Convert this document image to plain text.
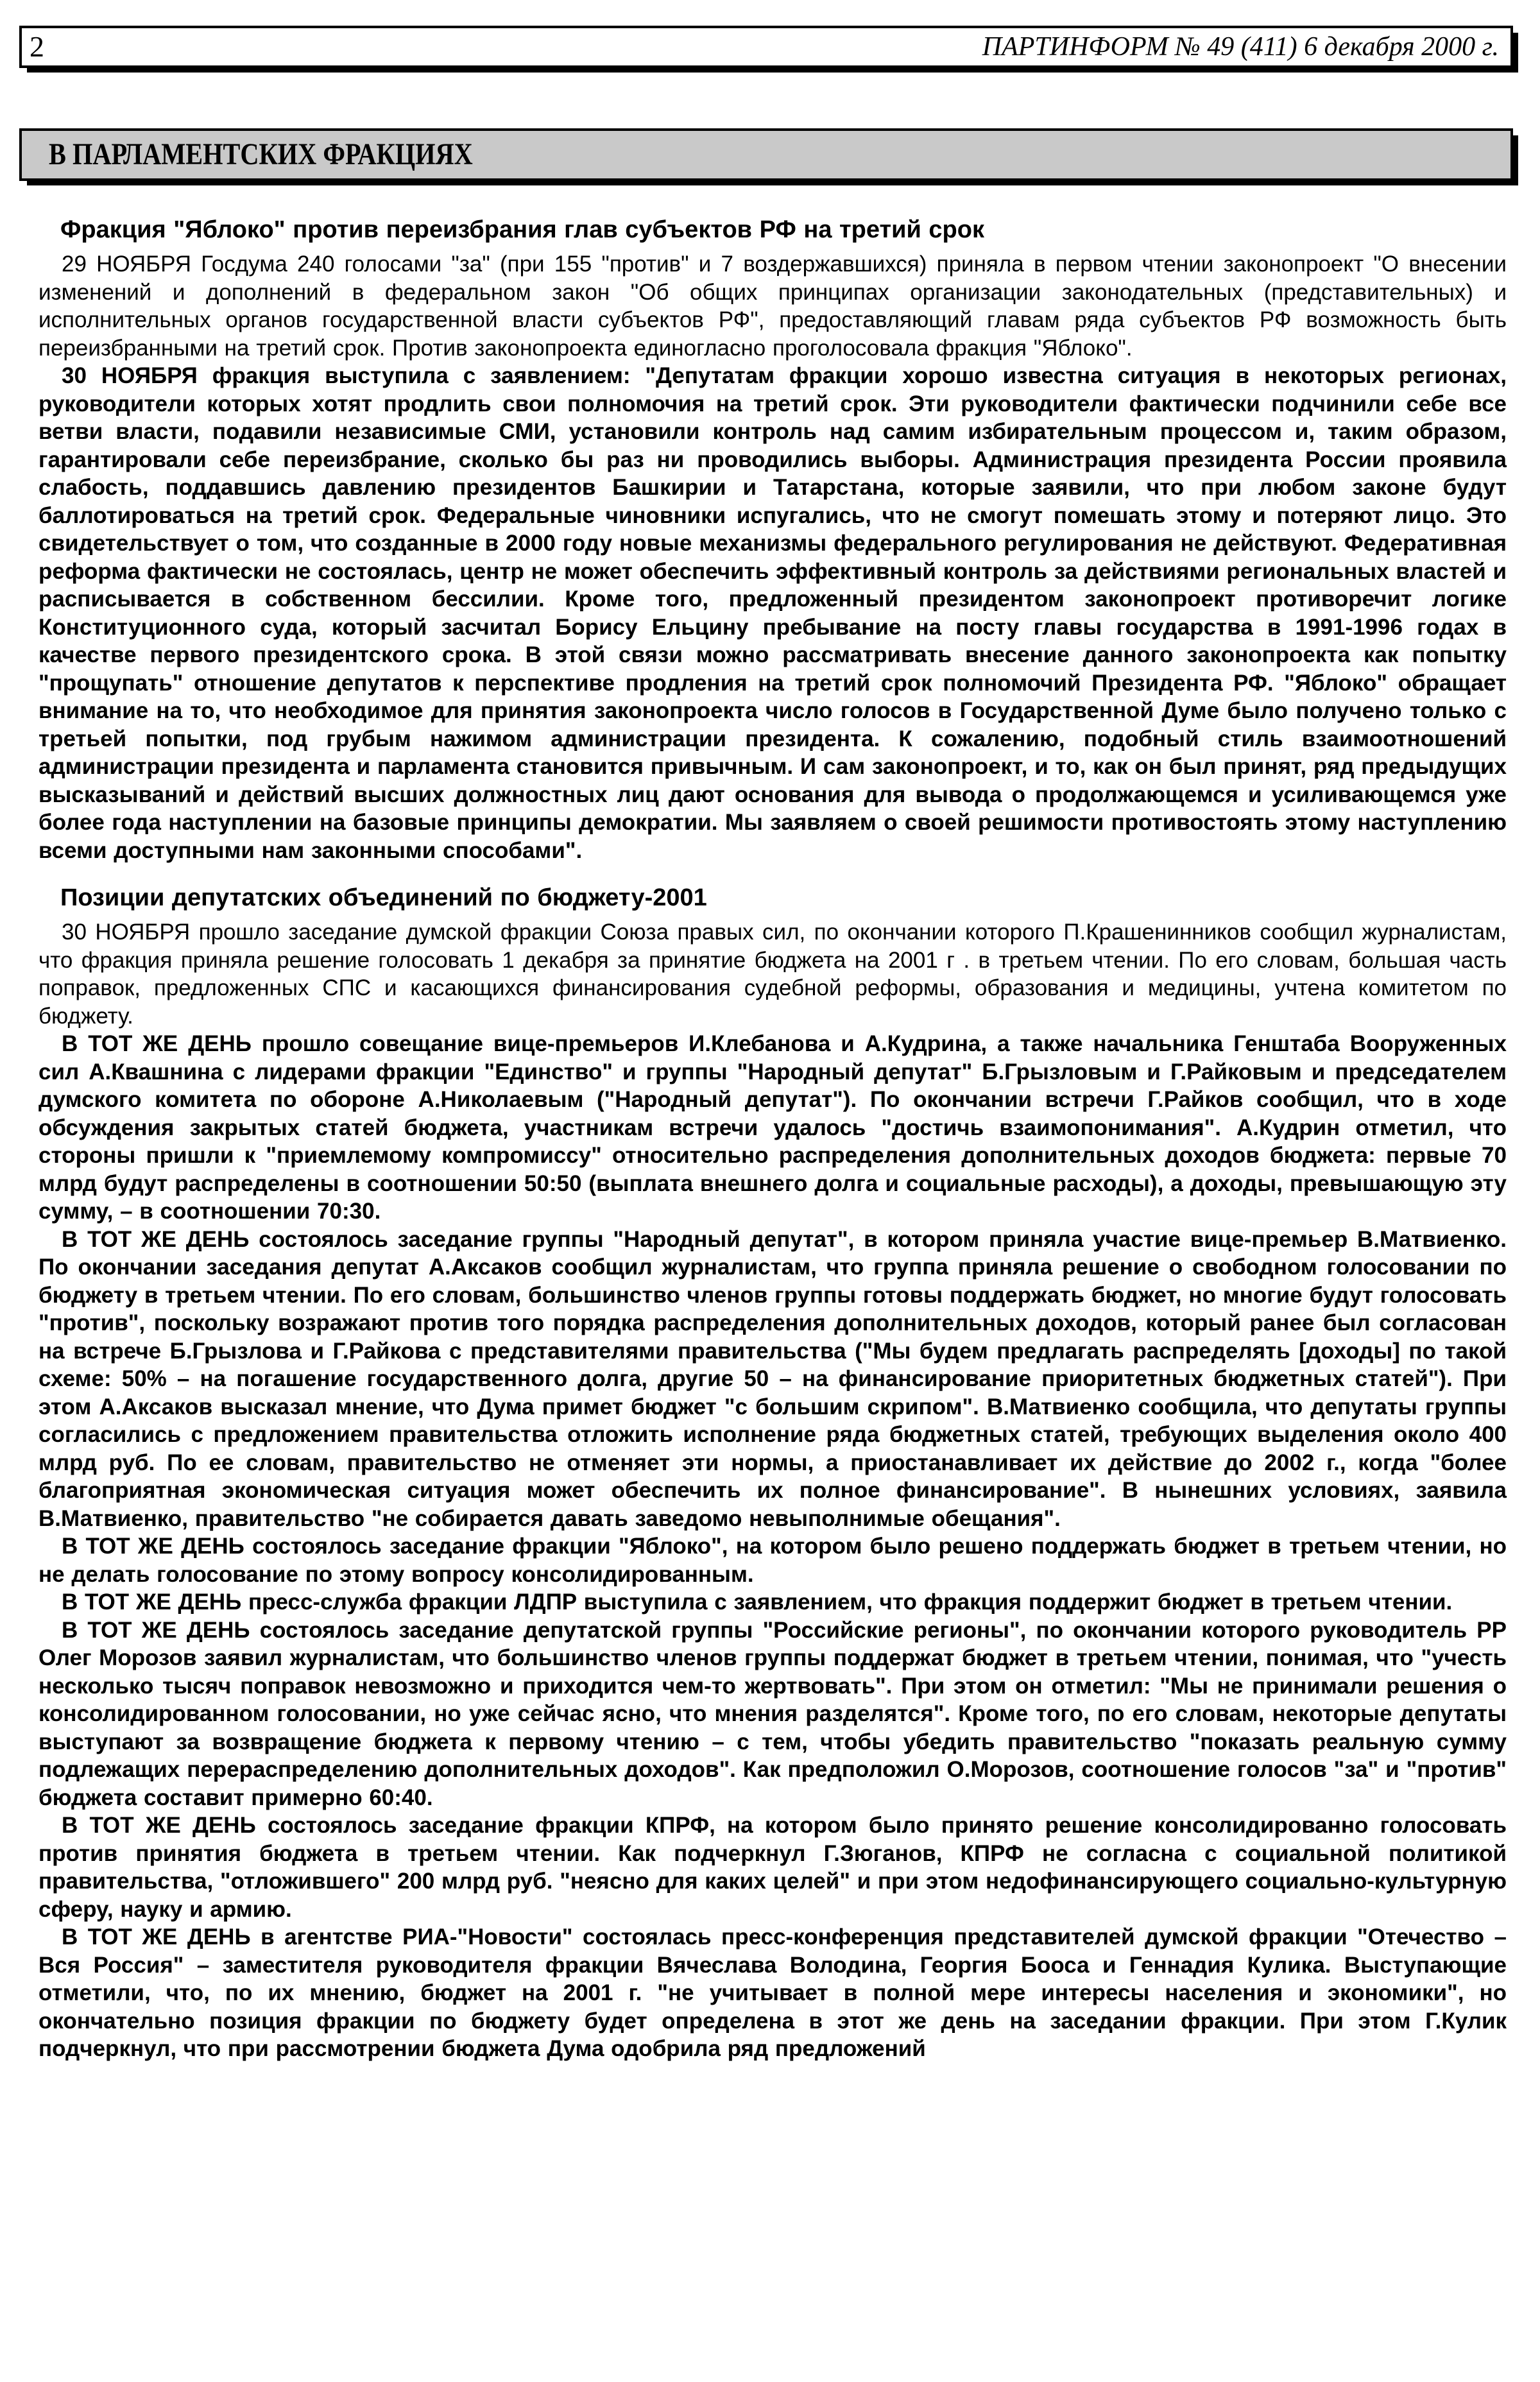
2	ПАРТИНФОРМ № 49 (411) 6 декабря 2000 г.
В ПАРЛАМЕНТСКИХ ФРАКЦИЯХ
Фракция "Яблоко" против переизбрания глав субъектов РФ на третий срок

29 НОЯБРЯ Госдума 240 голосами "за" (при 155 "против" и 7 воздержавшихся) приняла в первом чтении законопроект "О внесении изменений и дополнений в федеральном закон "Об общих принципах организации законодательных (представительных) и исполнительных органов государственной власти субъектов РФ", предоставляющий главам ряда субъектов РФ возможность быть переизбранными на третий срок. Против законопроекта единогласно проголосовала фракция "Яблоко".

30 НОЯБРЯ фракция выступила с заявлением: "Депутатам фракции хорошо известна ситуация в некоторых регионах, руководители которых хотят продлить свои полномочия на третий срок. Эти руководители фактически подчинили себе все ветви власти, подавили независимые СМИ, установили контроль над самим избирательным процессом и, таким образом, гарантировали себе переизбрание, сколько бы раз ни проводились выборы. Администрация президента России проявила слабость, поддавшись давлению президентов Башкирии и Татарстана, которые заявили, что при любом законе будут баллотироваться на третий срок. Федеральные чиновники испугались, что не смогут помешать этому и потеряют лицо. Это свидетельствует о том, что созданные в 2000 году новые механизмы федерального регулирования не действуют. Федеративная реформа фактически не состоялась, центр не может обеспечить эффективный контроль за действиями региональных властей и расписывается в собственном бессилии. Кроме того, предложенный президентом законопроект противоречит логике Конституционного суда, который засчитал Борису Ельцину пребывание на посту главы государства в 1991-1996 годах в качестве первого президентского срока. В этой связи можно рассматривать внесение данного законопроекта как попытку "прощупать" отношение депутатов к перспективе продления на третий срок полномочий Президента РФ. "Яблоко" обращает внимание на то, что необходимое для принятия законопроекта число голосов в Государственной Думе было получено только с третьей попытки, под грубым нажимом администрации президента. К сожалению, подобный стиль взаимоотношений администрации президента и парламента становится привычным. И сам законопроект, и то, как он был принят, ряд предыдущих высказываний и действий высших должностных лиц дают основания для вывода о продолжающемся и усиливающемся уже более года наступлении на базовые принципы демократии. Мы заявляем о своей решимости противостоять этому наступлению всеми доступными нам законными способами".

Позиции депутатских объединений по бюджету-2001

30 НОЯБРЯ прошло заседание думской фракции Союза правых сил, по окончании которого П.Крашенинников сообщил журналистам, что фракция приняла решение голосовать 1 декабря за принятие бюджета на 2001 г . в третьем чтении. По его словам, большая часть поправок, предложенных СПС и касающихся финансирования судебной реформы, образования и медицины, учтена комитетом по бюджету.

В ТОТ ЖЕ ДЕНЬ прошло совещание вице-премьеров И.Клебанова и А.Кудрина, а также начальника Генштаба Вооруженных сил А.Квашнина с лидерами фракции "Единство" и группы "Народный депутат" Б.Грызловым и Г.Райковым и председателем думского комитета по обороне А.Николаевым ("Народный депутат"). По окончании встречи Г.Райков сообщил, что в ходе обсуждения закрытых статей бюджета, участникам встречи удалось "достичь взаимопонимания". А.Кудрин отметил, что стороны пришли к "приемлемому компромиссу" относительно распределения дополнительных доходов бюджета: первые 70 млрд будут распределены в соотношении 50:50 (выплата внешнего долга и социальные расходы), а доходы, превышающую эту сумму, – в соотношении 70:30.

В ТОТ ЖЕ ДЕНЬ состоялось заседание группы "Народный депутат", в котором приняла участие вице-премьер В.Матвиенко. По окончании заседания депутат А.Аксаков сообщил журналистам, что группа приняла решение о свободном голосовании по бюджету в третьем чтении. По его словам, большинство членов группы готовы поддержать бюджет, но многие будут голосовать "против", поскольку возражают против того порядка распределения дополнительных доходов, который ранее был согласован на встрече Б.Грызлова и Г.Райкова с представителями правительства ("Мы будем предлагать распределять [доходы] по такой схеме: 50% – на погашение государственного долга, другие 50 – на финансирование приоритетных бюджетных статей"). При этом А.Аксаков высказал мнение, что Дума примет бюджет "с большим скрипом". В.Матвиенко сообщила, что депутаты группы согласились с предложением правительства отложить исполнение ряда бюджетных статей, требующих выделения около 400 млрд руб. По ее словам, правительство не отменяет эти нормы, а приостанавливает их действие до 2002 г., когда "более благоприятная экономическая ситуация может обеспечить их полное финансирование". В нынешних условиях, заявила В.Матвиенко, правительство "не собирается давать заведомо невыполнимые обещания".

В ТОТ ЖЕ ДЕНЬ состоялось заседание фракции "Яблоко", на котором было решено поддержать бюджет в третьем чтении, но не делать голосование по этому вопросу консолидированным.

В ТОТ ЖЕ ДЕНЬ пресс-служба фракции ЛДПР выступила с заявлением, что фракция поддержит бюджет в третьем чтении.

В ТОТ ЖЕ ДЕНЬ состоялось заседание депутатской группы "Российские регионы", по окончании которого руководитель РР Олег Морозов заявил журналистам, что большинство членов группы поддержат бюджет в третьем чтении, понимая, что "учесть несколько тысяч поправок невозможно и приходится чем-то жертвовать". При этом он отметил: "Мы не принимали решения о консолидированном голосовании, но уже сейчас ясно, что мнения разделятся". Кроме того, по его словам, некоторые депутаты выступают за возвращение бюджета к первому чтению – с тем, чтобы убедить правительство "показать реальную сумму подлежащих перераспределению дополнительных доходов". Как предположил О.Морозов, соотношение голосов "за" и "против" бюджета составит примерно 60:40.

В ТОТ ЖЕ ДЕНЬ состоялось заседание фракции КПРФ, на котором было принято решение консолидированно голосовать против принятия бюджета в третьем чтении. Как подчеркнул Г.Зюганов, КПРФ не согласна с социальной политикой правительства, "отложившего" 200 млрд руб. "неясно для каких целей" и при этом недофинансирующего социально-культурную сферу, науку и армию.

В ТОТ ЖЕ ДЕНЬ в агентстве РИА-"Новости" состоялась пресс-конференция представителей думской фракции "Отечество – Вся Россия" – заместителя руководителя фракции Вячеслава Володина, Георгия Бооса и Геннадия Кулика. Выступающие отметили, что, по их мнению, бюджет на 2001 г. "не учитывает в полной мере интересы населения и экономики", но окончательно позиция фракции по бюджету будет определена в этот же день на заседании фракции. При этом Г.Кулик подчеркнул, что при рассмотрении бюджета Дума одобрила ряд предложений
